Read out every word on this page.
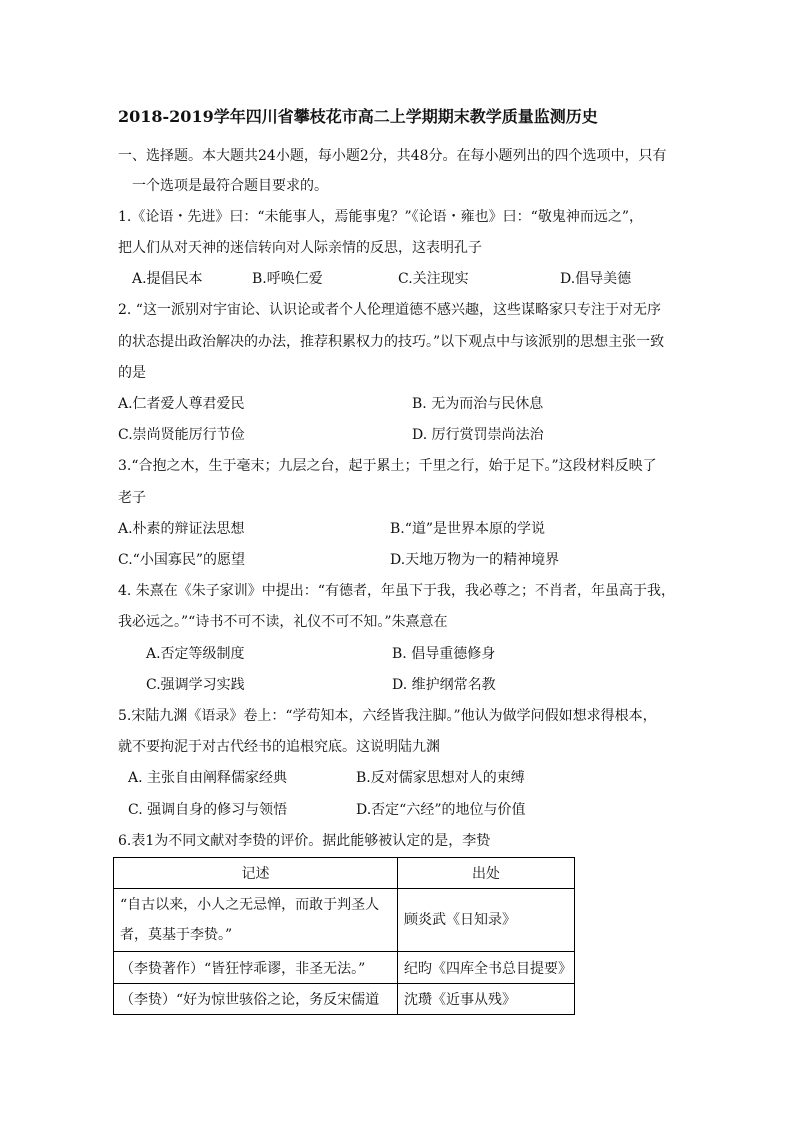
2018-2019学年四川省攀枝花市高二上学期期末教学质量监测历史
一、选择题。本大题共24小题，每小题2分，共48分。在每小题列出的四个选项中，只有
一个选项是最符合题目要求的。
1.《论语・先进》曰：“未能事人，焉能事鬼？”《论语・雍也》曰：“敬鬼神而远之”，
把人们从对天神的迷信转向对人际亲情的反思，这表明孔子
A.提倡民本	B.呼唤仁爱	C.关注现实	D.倡导美德
2. “这一派别对宇宙论、认识论或者个人伦理道德不感兴趣，这些谋略家只专注于对无序
的状态提出政治解决的办法，推荐积累权力的技巧。”以下观点中与该派别的思想主张一致
的是
A.仁者爱人尊君爱民	B. 无为而治与民休息
C.崇尚贤能厉行节俭	D. 厉行赏罚崇尚法治
3.“合抱之木，生于毫末；九层之台，起于累土；千里之行，始于足下。”这段材料反映了
老子
A.朴素的辩证法思想	B.“道”是世界本原的学说
C.“小国寡民”的愿望	D.天地万物为一的精神境界
4. 朱熹在《朱子家训》中提出：“有德者，年虽下于我，我必尊之；不肖者，年虽高于我，
我必远之。”“诗书不可不读，礼仪不可不知。”朱熹意在
A.否定等级制度	B. 倡导重德修身
C.强调学习实践	D. 维护纲常名教
5.宋陆九渊《语录》卷上：“学苟知本，六经皆我注脚。”他认为做学问假如想求得根本，
就不要拘泥于对古代经书的追根究底。这说明陆九渊
A. 主张自由阐释儒家经典	B.反对儒家思想对人的束缚
C. 强调自身的修习与领悟	D.否定“六经”的地位与价值
6.表1为不同文献对李贽的评价。据此能够被认定的是，李贽
记述	出处

“自古以来，小人之无忌惮，而敢于判圣人
者，莫基于李贽。”	顾炎武《日知录》
（李贽著作）“皆狂悖乖谬，非圣无法。”	纪昀《四库全书总目提要》
（李贽）“好为惊世骇俗之论，务反宋儒道	沈瓒《近事从残》
